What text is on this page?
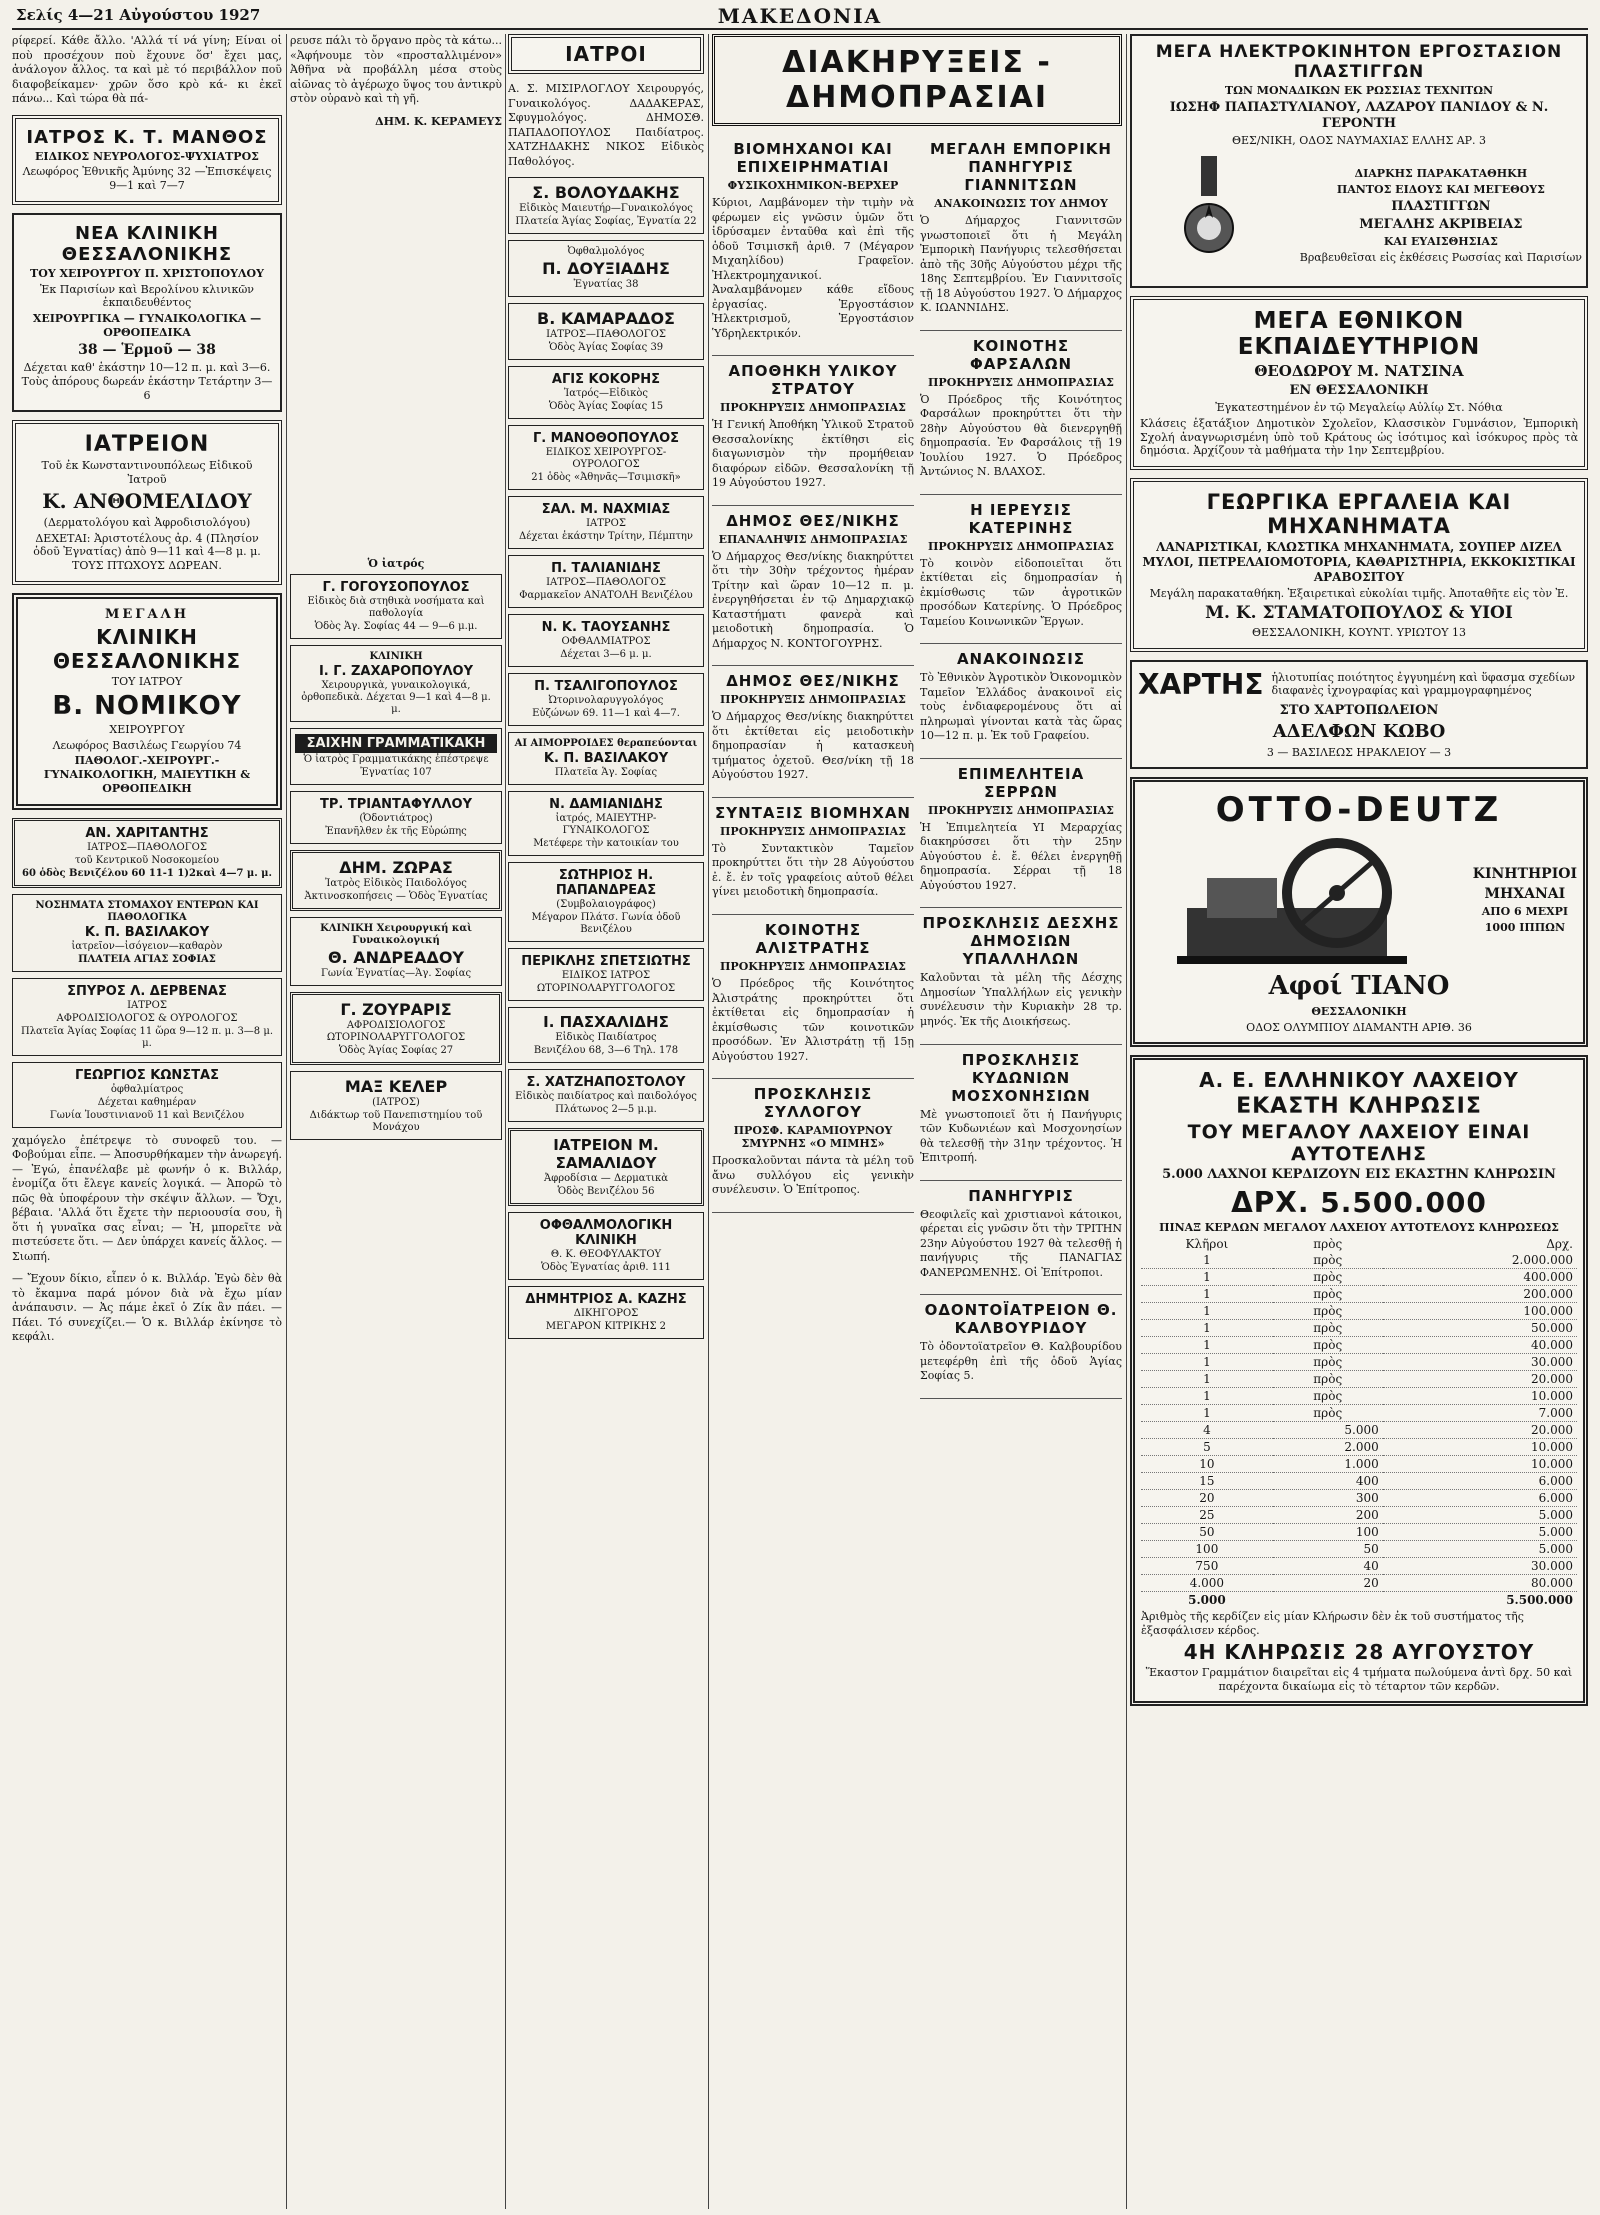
Σελίς 4—21 Αὐγούστου 1927	ΜΑΚΕΔΟΝΙΑ

ρίφερεί. Κάθε ἄλλο. 'Αλλά τί νά γίνη; Είναι οἱ ποὺ προσέχουν ποὺ ἔχουνε ὅσ' ἔχει μας, ἀνάλογον ἄλλος. τα καὶ μὲ τό περιβάλλον ποῦ διαφοβείκαμεν· χρῶν ὅσο κρὸ κά- κι ἐκεῖ πάνω... Καὶ τώρα θὰ πά-

ΙΑΤΡΟΣ Κ. Τ. ΜΑΝΘΟΣ

ΕΙΔΙΚΟΣ ΝΕΥΡΟΛΟΓΟΣ-ΨΥΧΙΑΤΡΟΣ

Λεωφόρος Ἐθνικῆς Ἀμύνης 32 —Ἐπισκέψεις 9—1 καὶ 7—7

ΝΕΑ ΚΛΙΝΙΚΗ ΘΕΣΣΑΛΟΝΙΚΗΣ

ΤΟΥ ΧΕΙΡΟΥΡΓΟΥ Π. ΧΡΙΣΤΟΠΟΥΛΟΥ

Ἐκ Παρισίων καὶ Βερολίνου κλινικῶν ἐκπαιδευθέντος

ΧΕΙΡΟΥΡΓΙΚΑ — ΓΥΝΑΙΚΟΛΟΓΙΚΑ — ΟΡΘΟΠΕΔΙΚΑ

38 — Ἑρμοῦ — 38

Δέχεται καθ' ἑκάστην 10—12 π. μ. καὶ 3—6. Τοὺς ἀπόρους δωρεάν ἑκάστην Τετάρτην 3—6

ΙΑΤΡΕΙΟΝ

Τοῦ ἐκ Κωνσταντινουπόλεως Εἰδικοῦ Ἰατροῦ

Κ. ΑΝΘΟΜΕΛΙΔΟΥ

(Δερματολόγου καὶ Ἀφροδισιολόγου)

ΔΕΧΕΤΑΙ: Ἀριστοτέλους ἀρ. 4 (Πλησίον ὁδοῦ Ἐγνατίας) ἀπὸ 9—11 καὶ 4—8 μ. μ. ΤΟΥΣ ΠΤΩΧΟΥΣ ΔΩΡΕΑΝ.

ΜΕΓΑΛΗ

ΚΛΙΝΙΚΗ ΘΕΣΣΑΛΟΝΙΚΗΣ

ΤΟΥ ΙΑΤΡΟΥ

Β. ΝΟΜΙΚΟΥ

ΧΕΙΡΟΥΡΓΟΥ

Λεωφόρος Βασιλέως Γεωργίου 74

ΠΑΘΟΛΟΓ.-ΧΕΙΡΟΥΡΓ.-ΓΥΝΑΙΚΟΛΟΓΙΚΗ, ΜΑΙΕΥΤΙΚΗ & ΟΡΘΟΠΕΔΙΚΗ

ΑΝ. ΧΑΡΙΤΑΝΤΗΣ

ΙΑΤΡΟΣ—ΠΑΘΟΛΟΓΟΣ

τοῦ Κεντρικοῦ Νοσοκομείου

60 ὁδὸς Βενιζέλου 60 11-1 1)2καὶ 4—7 μ. μ.

ΝΟΣΗΜΑΤΑ ΣΤΟΜΑΧΟΥ ΕΝΤΕΡΩΝ ΚΑΙ ΠΑΘΟΛΟΓΙΚΑ

Κ. Π. ΒΑΣΙΛΑΚΟΥ

ἰατρεῖον—ἰσόγειον—καθαρὸν

ΠΛΑΤΕΙΑ ΑΓΙΑΣ ΣΟΦΙΑΣ

ΣΠΥΡΟΣ Λ. ΔΕΡΒΕΝΑΣ

ΙΑΤΡΟΣ

ΑΦΡΟΔΙΣΙΟΛΟΓΟΣ & ΟΥΡΟΛΟΓΟΣ

Πλατεῖα Ἁγίας Σοφίας 11 ὥρα 9—12 π. μ. 3—8 μ. μ.

ΓΕΩΡΓΙΟΣ ΚΩΝΣΤΑΣ

ὀφθαλμίατρος

Δέχεται καθημέραν

Γωνία Ἰουστινιανοῦ 11 καὶ Βενιζέλου

χαμόγελο ἐπέτρεψε τὸ συνοφεῦ του. — Φοβούμαι εἶπε. — Ἀποσυρθήκαμεν τὴν ἀνωρεγή. — Ἐγώ, ἐπανέλαβε μὲ φωνήν ὁ κ. Βιλλάρ, ἐνομίζα ὅτι ἔλεγε κανείς λογικά. — Ἀπορῶ τὸ πῶς θὰ ὑποφέρουν τὴν σκέψιν ἄλλων. — Ὄχι, βέβαια. 'Αλλά ὅτι ἔχετε τὴν περιοουσία σου, ἢ ὅτι ἡ γυναῖκα σας εἶναι; — Ἡ, μπορεῖτε νὰ πιστεύσετε ὅτι. — Δεν ὑπάρχει κανείς ἄλλος. — Σιωπή.

— Ἔχουν δίκιο, εἶπεν ὁ κ. Βιλλάρ. Ἐγὼ δὲν θὰ τὸ ἔκαμνα παρά μόνον διὰ νὰ ἔχω μίαν ἀνάπαυσιν. — Ἀς πάμε ἐκεῖ ὁ Ζίκ ἂν πάει. — Πάει. Τό συνεχίζει.— Ὁ κ. Βιλλάρ ἐκίνησε τὸ κεφάλι.

ρευσε πάλι τὸ ὄργανο πρὸς τὰ κάτω... «Ἀφήνουμε τὸν «προσταλλιμένον» Ἀθῆνα νὰ προβάλλη μέσα στοὺς αἰῶνας τὸ ἀγέρωχο ὕψος του ἀντικρὺ στὸν οὐρανὸ καὶ τὴ γῆ.

ΔΗΜ. Κ. ΚΕΡΑΜΕΥΣ

Ὁ ἰατρός

Γ. ΓΟΓΟΥΣΟΠΟΥΛΟΣ

Εἰδικὸς διὰ στηθικὰ νοσήματα καὶ παθολογία

Ὁδὸς Ἁγ. Σοφίας 44 — 9—6 μ.μ.

ΚΛΙΝΙΚΗ

Ι. Γ. ΖΑΧΑΡΟΠΟΥΛΟΥ

Χειρουργικὰ, γυναικολογικά, ὀρθοπεδικὰ. Δέχεται 9—1 καὶ 4—8 μ. μ.

ΣΑΙΧΗΝ ΓΡΑΜΜΑΤΙΚΑΚΗ

Ὁ ἰατρὸς Γραμματικάκης ἐπέστρεψε

Ἐγνατίας 107

ΤΡ. ΤΡΙΑΝΤΑΦΥΛΛΟΥ

(Ὀδοντιάτρος)

Ἐπανῆλθεν ἐκ τῆς Εὐρώπης

ΔΗΜ. ΖΩΡΑΣ

Ἰατρὸς Εἰδικὸς Παιδολόγος

Ἀκτινοσκοπήσεις — Ὁδὸς Ἐγνατίας

ΚΛΙΝΙΚΗ Χειρουργική καὶ Γυναικολογική

Θ. ΑΝΔΡΕΑΔΟΥ

Γωνία Ἐγνατίας—Ἁγ. Σοφίας

Γ. ΖΟΥΡΑΡΙΣ

ΑΦΡΟΔΙΣΙΟΛΟΓΟΣ ΩΤΟΡΙΝΟΛΑΡΥΓΓΟΛΟΓΟΣ

Ὁδὸς Ἁγίας Σοφίας 27

ΜΑΞ ΚΕΛΕΡ

(ΙΑΤΡΟΣ)

Διδάκτωρ τοῦ Πανεπιστημίου τοῦ Μονάχου

ΙΑΤΡΟΙ

Α. Σ. ΜΙΣΙΡΛΟΓΛΟΥ Χειρουργός, Γυναικολόγος. ΔΑΔΑΚΕΡΑΣ, Σφυγμολόγος. ΔΗΜΟΣΘ. ΠΑΠΑΔΟΠΟΥΛΟΣ Παιδίατρος. ΧΑΤΖΗΔΑΚΗΣ ΝΙΚΟΣ Εἰδικὸς Παθολόγος.

Σ. ΒΟΛΟΥΔΑΚΗΣ

Εἰδικὸς Μαιευτήρ—Γυναικολόγος

Πλατεία Ἁγίας Σοφίας, Ἐγνατία 22

Ὀφθαλμολόγος

Π. ΔΟΥΞΙΑΔΗΣ

Ἐγνατίας 38

Β. ΚΑΜΑΡΑΔΟΣ

ΙΑΤΡΟΣ—ΠΑΘΟΛΟΓΟΣ

Ὁδὸς Ἁγίας Σοφίας 39

ΑΓΙΣ ΚΟΚΟΡΗΣ

Ἰατρός—Εἰδικὸς

Ὁδὸς Ἁγίας Σοφίας 15

Γ. ΜΑΝΟΘΟΠΟΥΛΟΣ

ΕΙΔΙΚΟΣ ΧΕΙΡΟΥΡΓΟΣ-ΟΥΡΟΛΟΓΟΣ

21 ὁδὸς «Ἀθηνᾶς—Τσιμισκῆ»

ΣΑΛ. Μ. ΝΑΧΜΙΑΣ

ΙΑΤΡΟΣ

Δέχεται ἑκάστην Τρίτην, Πέμπτην

Π. ΤΑΛΙΑΝΙΔΗΣ

ΙΑΤΡΟΣ—ΠΑΘΟΛΟΓΟΣ

Φαρμακεῖον ΑΝΑΤΟΛΗ Βενιζέλου

Ν. Κ. ΤΑΟΥΣΑΝΗΣ

ΟΦΘΑΛΜΙΑΤΡΟΣ

Δέχεται 3—6 μ. μ.

Π. ΤΣΑΛΙΓΟΠΟΥΛΟΣ

Ὠτορινολαρυγγολόγος

Εὐζώνων 69. 11—1 καὶ 4—7.

ΑΙ ΑΙΜΟΡΡΟΙΔΕΣ θεραπεύονται

Κ. Π. ΒΑΣΙΛΑΚΟΥ

Πλατεῖα Ἁγ. Σοφίας

Ν. ΔΑΜΙΑΝΙΔΗΣ

ἰατρός, ΜΑΙΕΥΤΗΡ-ΓΥΝΑΙΚΟΛΟΓΟΣ

Μετέφερε τὴν κατοικίαν του

ΣΩΤΗΡΙΟΣ Η. ΠΑΠΑΝΔΡΕΑΣ

(Συμβολαιογράφος)

Μέγαρον Πλάτσ. Γωνία ὁδοῦ Βενιζέλου

ΠΕΡΙΚΛΗΣ ΣΠΕΤΣΙΩΤΗΣ

ΕΙΔΙΚΟΣ ΙΑΤΡΟΣ

ΩΤΟΡΙΝΟΛΑΡΥΓΓΟΛΟΓΟΣ

Ι. ΠΑΣΧΑΛΙΔΗΣ

Εἰδικὸς Παιδίατρος

Βενιζέλου 68, 3—6 Τηλ. 178

Σ. ΧΑΤΖΗΑΠΟΣΤΟΛΟΥ

Εἰδικὸς παιδίατρος καὶ παιδολόγος

Πλάτωνος 2—5 μ.μ.

ΙΑΤΡΕΙΟΝ Μ. ΣΑΜΑΛΙΔΟΥ

Ἀφροδίσια — Δερματικὰ

Ὁδὸς Βενιζέλου 56

ΟΦΘΑΛΜΟΛΟΓΙΚΗ ΚΛΙΝΙΚΗ

Θ. Κ. ΘΕΟΦΥΛΑΚΤΟΥ

Ὁδὸς Ἐγνατίας ἀριθ. 111

ΔΗΜΗΤΡΙΟΣ Α. ΚΑΖΗΣ

ΔΙΚΗΓΟΡΟΣ

ΜΕΓΑΡΟΝ ΚΙΤΡΙΚΗΣ 2

ΔΙΑΚΗΡΥΞΕΙΣ - ΔΗΜΟΠΡΑΣΙΑΙ
ΒΙΟΜΗΧΑΝΟΙ ΚΑΙ ΕΠΙΧΕΙΡΗΜΑΤΙΑΙ
ΦΥΣΙΚΟΧΗΜΙΚΟΝ-ΒΕΡΧΕΡ

Κύριοι, Λαμβάνομεν τὴν τιμὴν νὰ φέρωμεν εἰς γνῶσιν ὑμῶν ὅτι ἱδρύσαμεν ἐνταῦθα καὶ ἐπὶ τῆς ὁδοῦ Τσιμισκῆ ἀριθ. 7 (Μέγαρον Μιχαηλίδου) Γραφεῖον. Ἠλεκτρομηχανικοί. Ἀναλαμβάνομεν κάθε εἴδους ἐργασίας. Ἐργοστάσιον Ἠλεκτρισμοῦ, Ἐργοστάσιον Ὑδρηλεκτρικόν.

ΑΠΟΘΗΚΗ ΥΛΙΚΟΥ ΣΤΡΑΤΟΥ
ΠΡΟΚΗΡΥΞΙΣ ΔΗΜΟΠΡΑΣΙΑΣ

Ἡ Γενική Ἀποθήκη Ὑλικοῦ Στρατοῦ Θεσσαλονίκης ἐκτίθησι εἰς διαγωνισμὸν τὴν προμήθειαν διαφόρων εἰδῶν. Θεσσαλονίκη τῇ 19 Αὐγούστου 1927.

ΔΗΜΟΣ ΘΕΣ/ΝΙΚΗΣ
ΕΠΑΝΑΛΗΨΙΣ ΔΗΜΟΠΡΑΣΙΑΣ

Ὁ Δήμαρχος Θεσ/νίκης διακηρύττει ὅτι τὴν 30ὴν τρέχοντος ἡμέραν Τρίτην καὶ ὥραν 10—12 π. μ. ἐνεργηθήσεται ἐν τῷ Δημαρχιακῷ Καταστήματι φανερὰ καὶ μειοδοτικὴ δημοπρασία. Ὁ Δήμαρχος Ν. ΚΟΝΤΟΓΟΥΡΗΣ.

ΔΗΜΟΣ ΘΕΣ/ΝΙΚΗΣ
ΠΡΟΚΗΡΥΞΙΣ ΔΗΜΟΠΡΑΣΙΑΣ

Ὁ Δήμαρχος Θεσ/νίκης διακηρύττει ὅτι ἐκτίθεται εἰς μειοδοτικὴν δημοπρασίαν ἡ κατασκευὴ τμήματος ὀχετοῦ. Θεσ/νίκη τῇ 18 Αὐγούστου 1927.

ΣΥΝΤΑΞΙΣ ΒΙΟΜΗΧΑΝ
ΠΡΟΚΗΡΥΞΙΣ ΔΗΜΟΠΡΑΣΙΑΣ

Τὸ Συντακτικὸν Ταμεῖον προκηρύττει ὅτι τὴν 28 Αὐγούστου ἐ. ἔ. ἐν τοῖς γραφείοις αὐτοῦ θέλει γίνει μειοδοτικὴ δημοπρασία.

ΚΟΙΝΟΤΗΣ ΑΛΙΣΤΡΑΤΗΣ
ΠΡΟΚΗΡΥΞΙΣ ΔΗΜΟΠΡΑΣΙΑΣ

Ὁ Πρόεδρος τῆς Κοινότητος Ἀλιστράτης προκηρύττει ὅτι ἐκτίθεται εἰς δημοπρασίαν ἡ ἐκμίσθωσις τῶν κοινοτικῶν προσόδων. Ἐν Ἀλιστράτῃ τῇ 15ῃ Αὐγούστου 1927.

ΠΡΟΣΚΛΗΣΙΣ ΣΥΛΛΟΓΟΥ
ΠΡΟΣΦ. ΚΑΡΑΜΙΟΥΡΝΟΥ ΣΜΥΡΝΗΣ «Ο ΜΙΜΗΣ»

Προσκαλοῦνται πάντα τὰ μέλη τοῦ ἄνω συλλόγου εἰς γενικὴν συνέλευσιν. Ὁ Ἐπίτροπος.

ΜΕΓΑΛΗ ΕΜΠΟΡΙΚΗ ΠΑΝΗΓΥΡΙΣ ΓΙΑΝΝΙΤΣΩΝ
ΑΝΑΚΟΙΝΩΣΙΣ ΤΟΥ ΔΗΜΟΥ

Ὁ Δήμαρχος Γιαννιτσῶν γνωστοποιεῖ ὅτι ἡ Μεγάλη Ἐμπορικὴ Πανήγυρις τελεσθήσεται ἀπὸ τῆς 30ῆς Αὐγούστου μέχρι τῆς 18ης Σεπτεμβρίου. Ἐν Γιαννιτσοῖς τῇ 18 Αὐγούστου 1927. Ὁ Δήμαρχος Κ. ΙΩΑΝΝΙΔΗΣ.

ΚΟΙΝΟΤΗΣ ΦΑΡΣΑΛΩΝ
ΠΡΟΚΗΡΥΞΙΣ ΔΗΜΟΠΡΑΣΙΑΣ

Ὁ Πρόεδρος τῆς Κοινότητος Φαρσάλων προκηρύττει ὅτι τὴν 28ὴν Αὐγούστου θὰ διενεργηθῇ δημοπρασία. Ἐν Φαρσάλοις τῇ 19 Ἰουλίου 1927. Ὁ Πρόεδρος Ἀντώνιος Ν. ΒΛΑΧΟΣ.

Η ΙΕΡΕΥΣΙΣ ΚΑΤΕΡΙΝΗΣ
ΠΡΟΚΗΡΥΞΙΣ ΔΗΜΟΠΡΑΣΙΑΣ

Τὸ κοινὸν εἰδοποιεῖται ὅτι ἐκτίθεται εἰς δημοπρασίαν ἡ ἐκμίσθωσις τῶν ἀγροτικῶν προσόδων Κατερίνης. Ὁ Πρόεδρος Ταμείου Κοινωνικῶν Ἔργων.

ΑΝΑΚΟΙΝΩΣΙΣ

Τὸ Ἐθνικὸν Ἀγροτικὸν Ὀικονομικὸν Ταμεῖον Ἑλλάδος ἀνακοινοῖ εἰς τοὺς ἐνδιαφερομένους ὅτι αἱ πληρωμαὶ γίνονται κατὰ τὰς ὥρας 10—12 π. μ. Ἐκ τοῦ Γραφείου.

ΕΠΙΜΕΛΗΤΕΙΑ ΣΕΡΡΩΝ
ΠΡΟΚΗΡΥΞΙΣ ΔΗΜΟΠΡΑΣΙΑΣ

Ἡ Ἐπιμελητεία ΥΙ Μεραρχίας διακηρύσσει ὅτι τὴν 25ην Αὐγούστου ἐ. ἔ. θέλει ἐνεργηθῇ δημοπρασία. Σέρραι τῇ 18 Αὐγούστου 1927.

ΠΡΟΣΚΛΗΣΙΣ ΔΕΣΧΗΣ ΔΗΜΟΣΙΩΝ ΥΠΑΛΛΗΛΩΝ

Καλοῦνται τὰ μέλη τῆς Δέσχης Δημοσίων Ὑπαλλήλων εἰς γενικὴν συνέλευσιν τὴν Κυριακὴν 28 τρ. μηνός. Ἐκ τῆς Διοικήσεως.

ΠΡΟΣΚΛΗΣΙΣ ΚΥΔΩΝΙΩΝ ΜΟΣΧΟΝΗΣΙΩΝ

Μὲ γνωστοποιεῖ ὅτι ἡ Πανήγυρις τῶν Κυδωνιέων καὶ Μοσχονησίων θὰ τελεσθῇ τὴν 31ην τρέχοντος. Ἡ Ἐπιτροπή.

ΠΑΝΗΓΥΡΙΣ

Θεοφιλεῖς καὶ χριστιανοὶ κάτοικοι, φέρεται εἰς γνῶσιν ὅτι τὴν ΤΡΙΤΗΝ 23ην Αὐγούστου 1927 θὰ τελεσθῇ ἡ πανήγυρις τῆς ΠΑΝΑΓΙΑΣ ΦΑΝΕΡΩΜΕΝΗΣ. Οἱ Ἐπίτροποι.

ΟΔΟΝΤΟΪΑΤΡΕΙΟΝ Θ. ΚΑΛΒΟΥΡΙΔΟΥ

Τὸ ὀδοντοϊατρεῖον Θ. Καλβουρίδου μετεφέρθη ἐπὶ τῆς ὁδοῦ Ἁγίας Σοφίας 5.

ΜΕΓΑ ΗΛΕΚΤΡΟΚΙΝΗΤΟΝ ΕΡΓΟΣΤΑΣΙΟΝ ΠΛΑΣΤΙΓΓΩΝ

ΤΩΝ ΜΟΝΑΔΙΚΩΝ ΕΚ ΡΩΣΣΙΑΣ ΤΕΧΝΙΤΩΝ

ΙΩΣΗΦ ΠΑΠΑΣΤΥΛΙΑΝΟΥ, ΛΑΖΑΡΟΥ ΠΑΝΙΔΟΥ & Ν. ΓΕΡΟΝΤΗ

ΘΕΣ/ΝΙΚΗ, ΟΔΟΣ ΝΑΥΜΑΧΙΑΣ ΕΛΛΗΣ ΑΡ. 3

ΔΙΑΡΚΗΣ ΠΑΡΑΚΑΤΑΘΗΚΗ

ΠΑΝΤΟΣ ΕΙΔΟΥΣ ΚΑΙ ΜΕΓΕΘΟΥΣ

ΠΛΑΣΤΙΓΓΩΝ

ΜΕΓΑΛΗΣ ΑΚΡΙΒΕΙΑΣ

ΚΑΙ ΕΥΑΙΣΘΗΣΙΑΣ

Βραβευθεῖσαι εἰς ἐκθέσεις Ρωσσίας καὶ Παρισίων

ΜΕΓΑ ΕΘΝΙΚΟΝ ΕΚΠΑΙΔΕΥΤΗΡΙΟΝ

ΘΕΟΔΩΡΟΥ Μ. ΝΑΤΣΙΝΑ

ΕΝ ΘΕΣΣΑΛΟΝΙΚΗ

Ἐγκατεστημένον ἐν τῷ Μεγαλείῳ Αὐλίῳ Στ. Νόθια

Κλάσεις ἑξατάξιον Δημοτικὸν Σχολεῖον, Κλασσικὸν Γυμνάσιον, Ἐμπορικὴ Σχολή ἀναγνωρισμένη ὑπὸ τοῦ Κράτους ὡς ἰσότιμος καὶ ἰσόκυρος πρὸς τὰ δημόσια. Ἀρχίζουν τὰ μαθήματα τὴν 1ην Σεπτεμβρίου.

ΓΕΩΡΓΙΚΑ ΕΡΓΑΛΕΙΑ ΚΑΙ ΜΗΧΑΝΗΜΑΤΑ

ΛΑΝΑΡΙΣΤΙΚΑΙ, ΚΛΩΣΤΙΚΑ ΜΗΧΑΝΗΜΑΤΑ, ΣΟΥΠΕΡ ΔΙΖΕΛ ΜΥΛΟΙ, ΠΕΤΡΕΛΑΙΟΜΟΤΟΡΙΑ, ΚΑΘΑΡΙΣΤΗΡΙΑ, ΕΚΚΟΚΙΣΤΙΚΑΙ ΑΡΑΒΟΣΙΤΟΥ

Μεγάλη παρακαταθήκη. Ἐξαιρετικαὶ εὐκολίαι τιμῆς. Ἀποταθῆτε εἰς τὸν Ἐ.

Μ. Κ. ΣΤΑΜΑΤΟΠΟΥΛΟΣ & ΥΙΟΙ

ΘΕΣΣΑΛΟΝΙΚΗ, ΚΟΥΝΤ. ΥΡΙΩΤΟΥ 13

ΧΑΡΤΗΣ ἡλιοτυπίας ποιότητος ἐγγυημένη καὶ ὕφασμα σχεδίων διαφανὲς ἰχνογραφίας καὶ γραμμογραφημένος

ΣΤΟ ΧΑΡΤΟΠΩΛΕΙΟΝ

ΑΔΕΛΦΩΝ ΚΩΒΟ

3 — ΒΑΣΙΛΕΩΣ ΗΡΑΚΛΕΙΟΥ — 3

OTTO-DEUTZ

ΚΙΝΗΤΗΡΙΟΙ

ΜΗΧΑΝΑΙ

ΑΠΟ 6 ΜΕΧΡΙ

1000 ΙΠΠΩΝ

Αφοί ΤΙΑΝΟ

ΘΕΣΣΑΛΟΝΙΚΗ

ΟΔΟΣ ΟΛΥΜΠΙΟΥ ΔΙΑΜΑΝΤΗ ΑΡΙΘ. 36

Α. Ε. ΕΛΛΗΝΙΚΟΥ ΛΑΧΕΙΟΥ
ΕΚΑΣΤΗ ΚΛΗΡΩΣΙΣ
ΤΟΥ ΜΕΓΑΛΟΥ ΛΑΧΕΙΟΥ ΕΙΝΑΙ ΑΥΤΟΤΕΛΗΣ

5.000 ΛΑΧΝΟΙ ΚΕΡΔΙΖΟΥΝ ΕΙΣ ΕΚΑΣΤΗΝ ΚΛΗΡΩΣΙΝ

ΔΡΧ. 5.500.000

ΠΙΝΑΞ ΚΕΡΔΩΝ ΜΕΓΑΛΟΥ ΛΑΧΕΙΟΥ ΑΥΤΟΤΕΛΟΥΣ ΚΛΗΡΩΣΕΩΣ

Κλῆροι	πρὸς	Δρχ.
1	πρὸς	2.000.000
1	πρὸς	400.000
1	πρὸς	200.000
1	πρὸς	100.000
1	πρὸς	50.000
1	πρὸς	40.000
1	πρὸς	30.000
1	πρὸς	20.000
1	πρὸς	10.000
1	πρὸς	7.000
4	5.000	20.000
5	2.000	10.000
10	1.000	10.000
15	400	6.000
20	300	6.000
25	200	5.000
50	100	5.000
100	50	5.000
750	40	30.000
4.000	20	80.000
5.000		5.500.000

Ἀριθμὸς τῆς κερδίζεν εἰς μίαν Κλήρωσιν δὲν ἐκ τοῦ συστήματος τῆς ἐξασφάλισεν κέρδος.

4Η ΚΛΗΡΩΣΙΣ 28 ΑΥΓΟΥΣΤΟΥ

Ἕκαστον Γραμμάτιον διαιρεῖται εἰς 4 τμήματα πωλούμενα ἀντὶ δρχ. 50 καὶ παρέχοντα δικαίωμα εἰς τὸ τέταρτον τῶν κερδῶν.
